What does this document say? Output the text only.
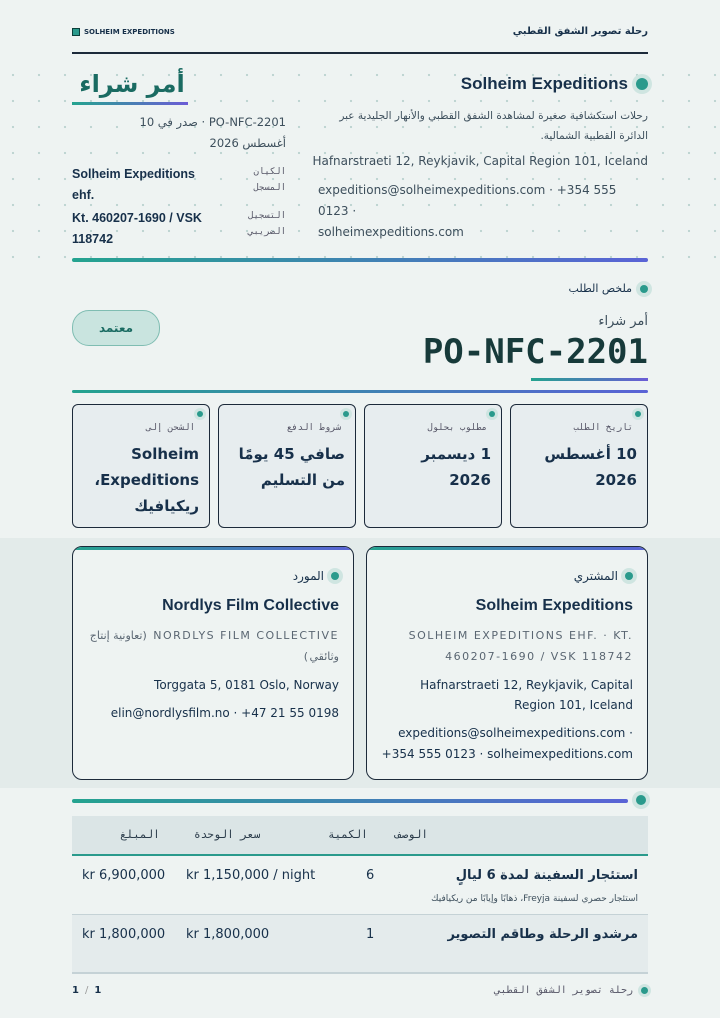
رحلة تصوير الشفق القطبي
SOLHEIM EXPEDITIONS
Solheim Expeditions
رحلات استكشافية صغيرة لمشاهدة الشفق القطبي والأنهار الجليدية عبر الدائرة القطبية الشمالية.
Hafnarstraeti 12, Reykjavik, Capital Region 101, Iceland
expeditions@solheimexpeditions.com · +354 555 0123 ·
solheimexpeditions.com
أمر شراء
PO-NFC-2201 · صدر في 10
أغسطس 2026
الكيان
المسجل
Solheim Expeditions
ehf.
التسجيل
الضريبي
Kt. 460207-1690 / VSK
118742
ملخص الطلب
معتمد	أمر شراء
PO-NFC-2201
تاريخ الطلب
10 أغسطس 2026
مطلوب بحلول
1 ديسمبر 2026
شروط الدفع
صافي 45 يومًا من التسليم
الشحن إلى
Solheim Expeditions، ريكيافيك
المشتري
Solheim Expeditions
SOLHEIM EXPEDITIONS EHF. · KT. 460207-1690 / VSK 118742
Hafnarstraeti 12, Reykjavik, Capital Region 101, Iceland
expeditions@solheimexpeditions.com ·
+354 555 0123 · solheimexpeditions.com
المورد
Nordlys Film Collective
NORDLYS FILM COLLECTIVE (تعاونية إنتاج وثائقي)
Torggata 5, 0181 Oslo, Norway
elin@nordlysfilm.no · +47 21 55 0198
الوصف
الكمية
سعر الوحدة
المبلغ
استئجار السفينة لمدة 6 ليالٍ
استئجار حصري لسفينة Freyja، ذهابًا وإيابًا من ريكيافيك
6
kr 1,150,000 / night
kr 6,900,000
مرشدو الرحلة وطاقم التصوير
1
kr 1,800,000
kr 1,800,000
رحلة تصوير الشفق القطبي
1 / 1
